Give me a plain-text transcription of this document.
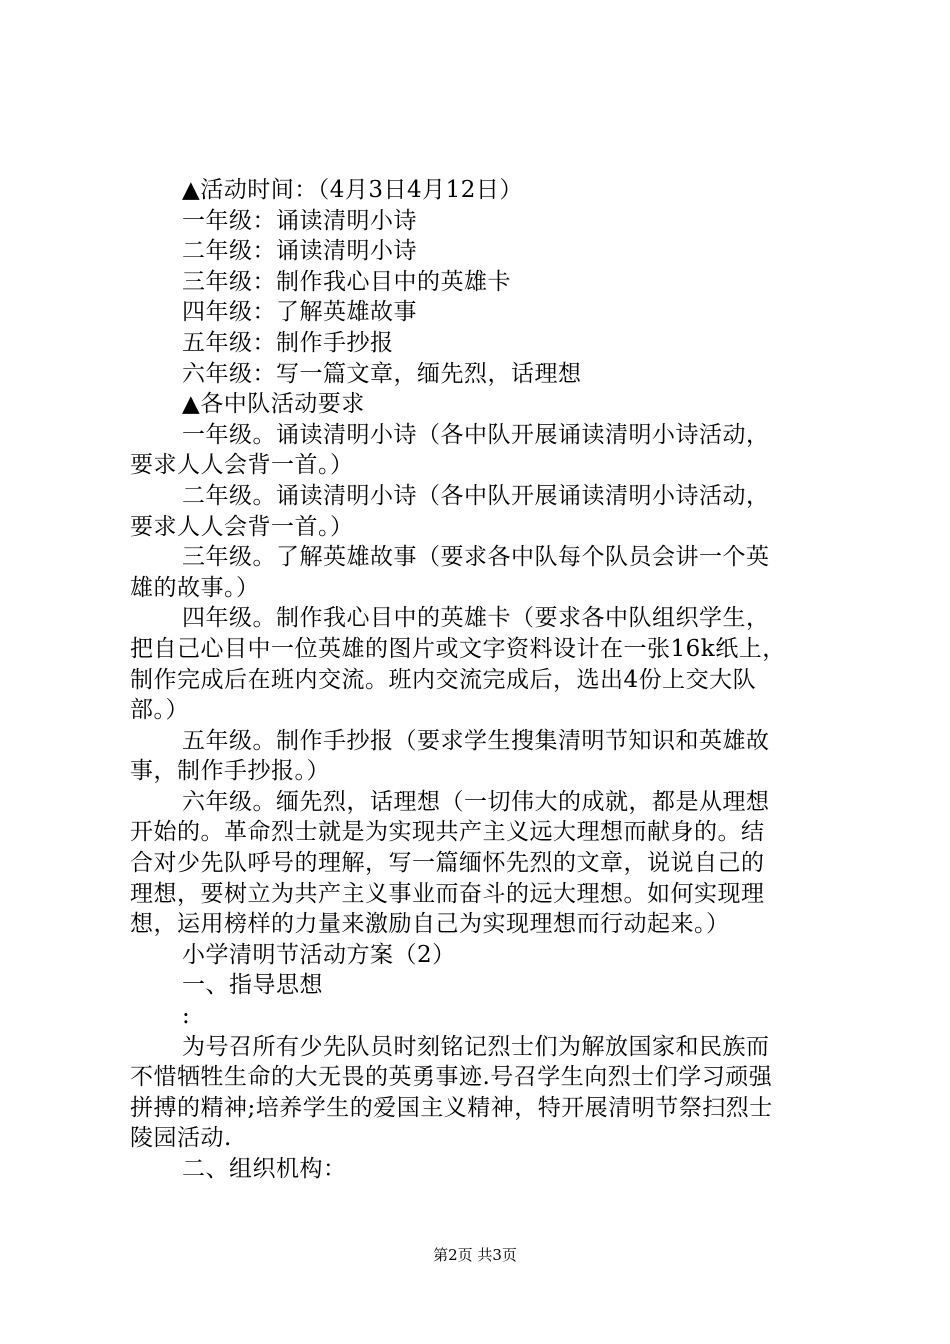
▲活动时间：（4月3日4月12日）
一年级：诵读清明小诗
二年级：诵读清明小诗
三年级：制作我心目中的英雄卡
四年级：了解英雄故事
五年级：制作手抄报
六年级：写一篇文章，缅先烈，话理想
▲各中队活动要求
一年级。诵读清明小诗（各中队开展诵读清明小诗活动，
要求人人会背一首。）
二年级。诵读清明小诗（各中队开展诵读清明小诗活动，
要求人人会背一首。）
三年级。了解英雄故事（要求各中队每个队员会讲一个英
雄的故事。）
四年级。制作我心目中的英雄卡（要求各中队组织学生，
把自己心目中一位英雄的图片或文字资料设计在一张16k纸上，
制作完成后在班内交流。班内交流完成后，选出4份上交大队
部。）
五年级。制作手抄报（要求学生搜集清明节知识和英雄故
事，制作手抄报。）
六年级。缅先烈，话理想（一切伟大的成就，都是从理想
开始的。革命烈士就是为实现共产主义远大理想而献身的。结
合对少先队呼号的理解，写一篇缅怀先烈的文章，说说自己的
理想，要树立为共产主义事业而奋斗的远大理想。如何实现理
想，运用榜样的力量来激励自己为实现理想而行动起来。）
小学清明节活动方案（2）
一、指导思想
:
为号召所有少先队员时刻铭记烈士们为解放国家和民族而
不惜牺牲生命的大无畏的英勇事迹.号召学生向烈士们学习顽强
拼搏的精神;培养学生的爱国主义精神，特开展清明节祭扫烈士
陵园活动.
二、组织机构：
第2页 共3页
